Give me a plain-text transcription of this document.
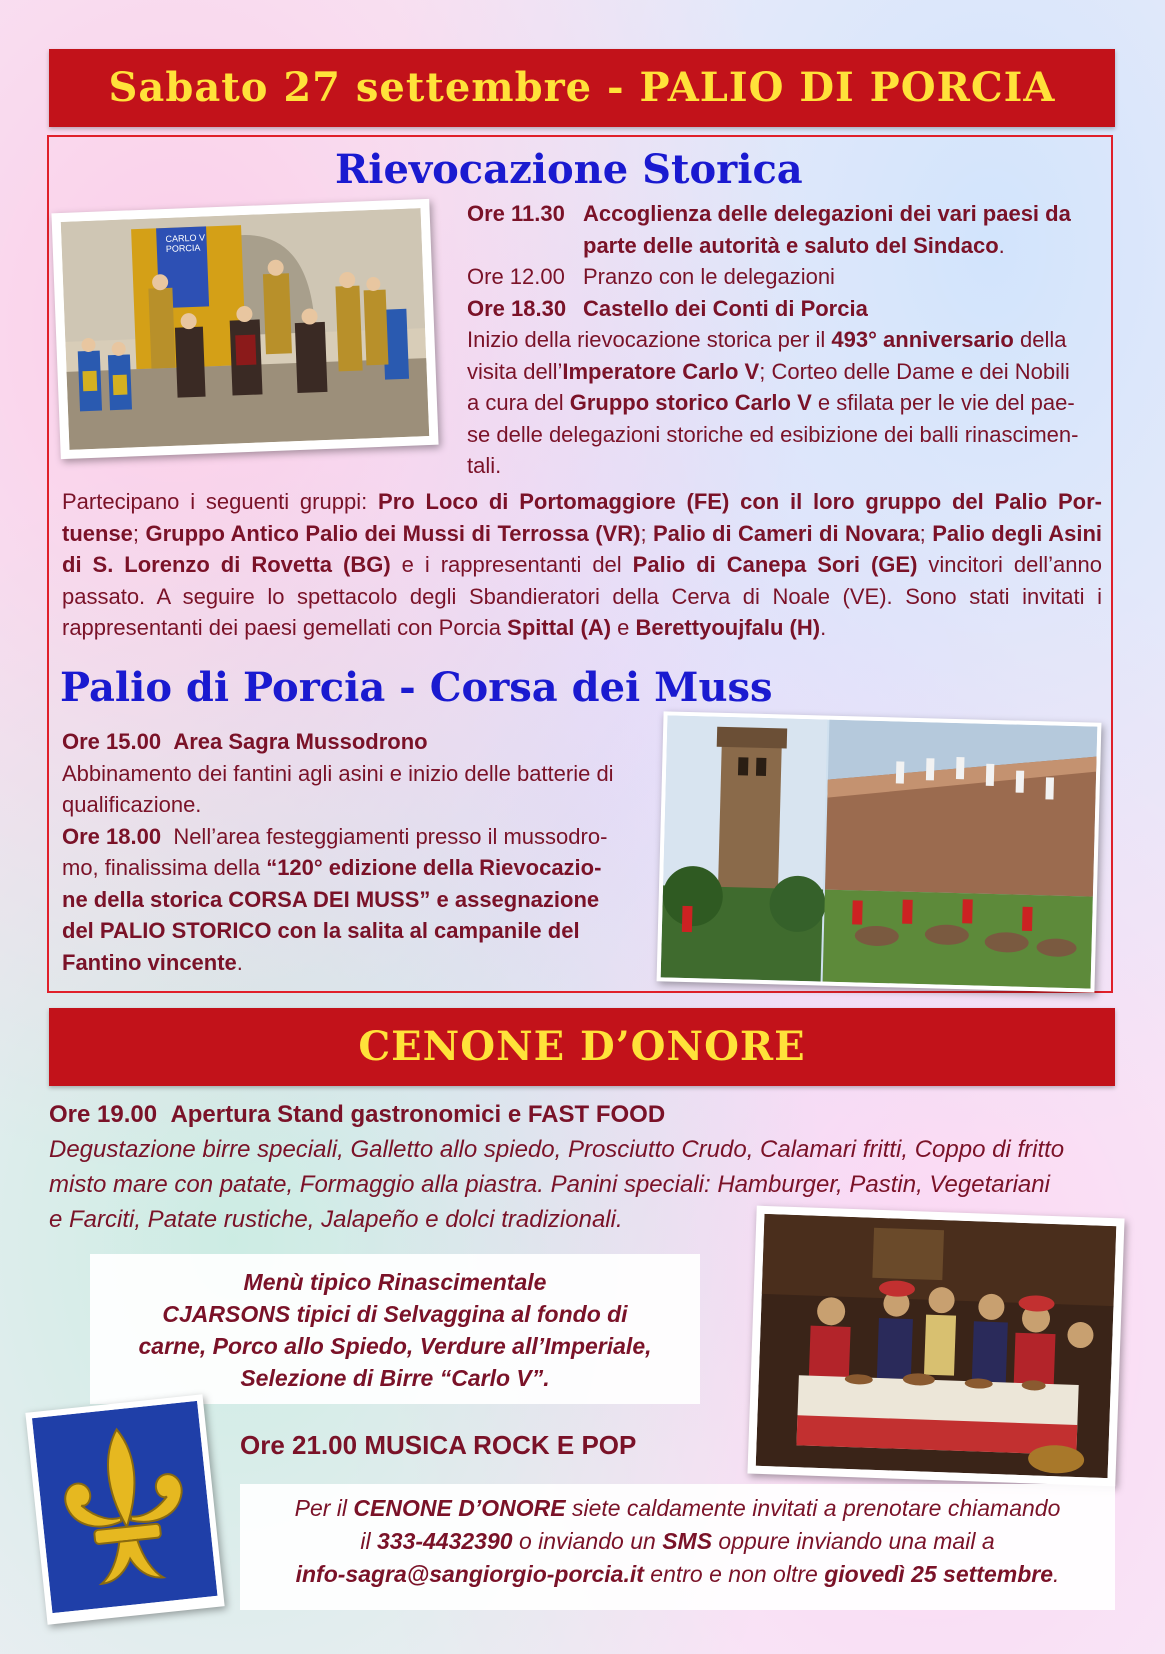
Sabato 27 settembre - PALIO DI PORCIA
Rievocazione Storica
CARLO V
PORCIA
Ore 11.30 Accoglienza delle delegazioni dei vari paesi da
parte delle autorità e saluto del Sindaco.
Ore 12.00 Pranzo con le delegazioni
Ore 18.30 Castello dei Conti di Porcia
Inizio della rievocazione storica per il 493° anniversario della
visita dell’Imperatore Carlo V; Corteo delle Dame e dei Nobili
a cura del Gruppo storico Carlo V e sfilata per le vie del pae-
se delle delegazioni storiche ed esibizione dei balli rinascimen-
tali.
Partecipano i seguenti gruppi: Pro Loco di Portomaggiore (FE) con il loro gruppo del Palio Por-tuense; Gruppo Antico Palio dei Mussi di Terrossa (VR); Palio di Cameri di Novara; Palio degli Asini di S. Lorenzo di Rovetta (BG) e i rappresentanti del Palio di Canepa Sori (GE) vincitori dell’anno passato. A seguire lo spettacolo degli Sbandieratori della Cerva di Noale (VE). Sono stati invitati i rappresentanti dei paesi gemellati con Porcia Spittal (A) e Berettyoujfalu (H).
Palio di Porcia - Corsa dei Muss
Ore 15.00 Area Sagra Mussodrono
Abbinamento dei fantini agli asini e inizio delle batterie di
qualificazione.
Ore 18.00 Nell’area festeggiamenti presso il mussodro-
mo, finalissima della “120° edizione della Rievocazio-
ne della storica CORSA DEI MUSS” e assegnazione
del PALIO STORICO con la salita al campanile del
Fantino vincente.
CENONE D’ONORE
Ore 19.00 Apertura Stand gastronomici e FAST FOOD
Degustazione birre speciali, Galletto allo spiedo, Prosciutto Crudo, Calamari fritti, Coppo di fritto
misto mare con patate, Formaggio alla piastra. Panini speciali: Hamburger, Pastin, Vegetariani
e Farciti, Patate rustiche, Jalapeño e dolci tradizionali.
Menù tipico Rinascimentale
CJARSONS tipici di Selvaggina al fondo di
carne, Porco allo Spiedo, Verdure all’Imperiale,
Selezione di Birre “Carlo V”.
Ore 21.00 MUSICA ROCK E POP
Per il CENONE D’ONORE siete caldamente invitati a prenotare chiamando
il 333-4432390 o inviando un SMS oppure inviando una mail a
info-sagra@sangiorgio-porcia.it entro e non oltre giovedì 25 settembre.
